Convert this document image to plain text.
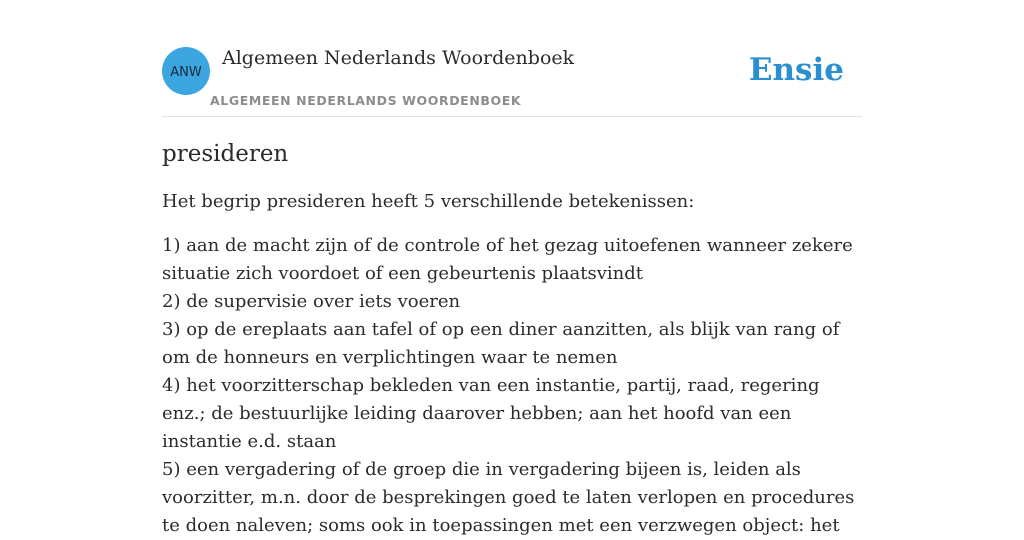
ANW
Algemeen Nederlands Woordenboek
ALGEMEEN NEDERLANDS WOORDENBOEK
Ensie
presideren

Het begrip presideren heeft 5 verschillende betekenissen:

1) aan de macht zijn of de controle of het gezag uitoefenen wanneer zekere situatie zich voordoet of een gebeurtenis plaatsvindt
2) de supervisie over iets voeren
3) op de ereplaats aan tafel of op een diner aanzitten, als blijk van rang of om de honneurs en verplichtingen waar te nemen
4) het voorzitterschap bekleden van een instantie, partij, raad, regering enz.; de bestuurlijke leiding daarover hebben; aan het hoofd van een instantie e.d. staan
5) een vergadering of de groep die in vergadering bijeen is, leiden als voorzitter, m.n. door de besprekingen goed te laten verlopen en procedures te doen naleven; soms ook in toepassingen met een verzwegen object: het
